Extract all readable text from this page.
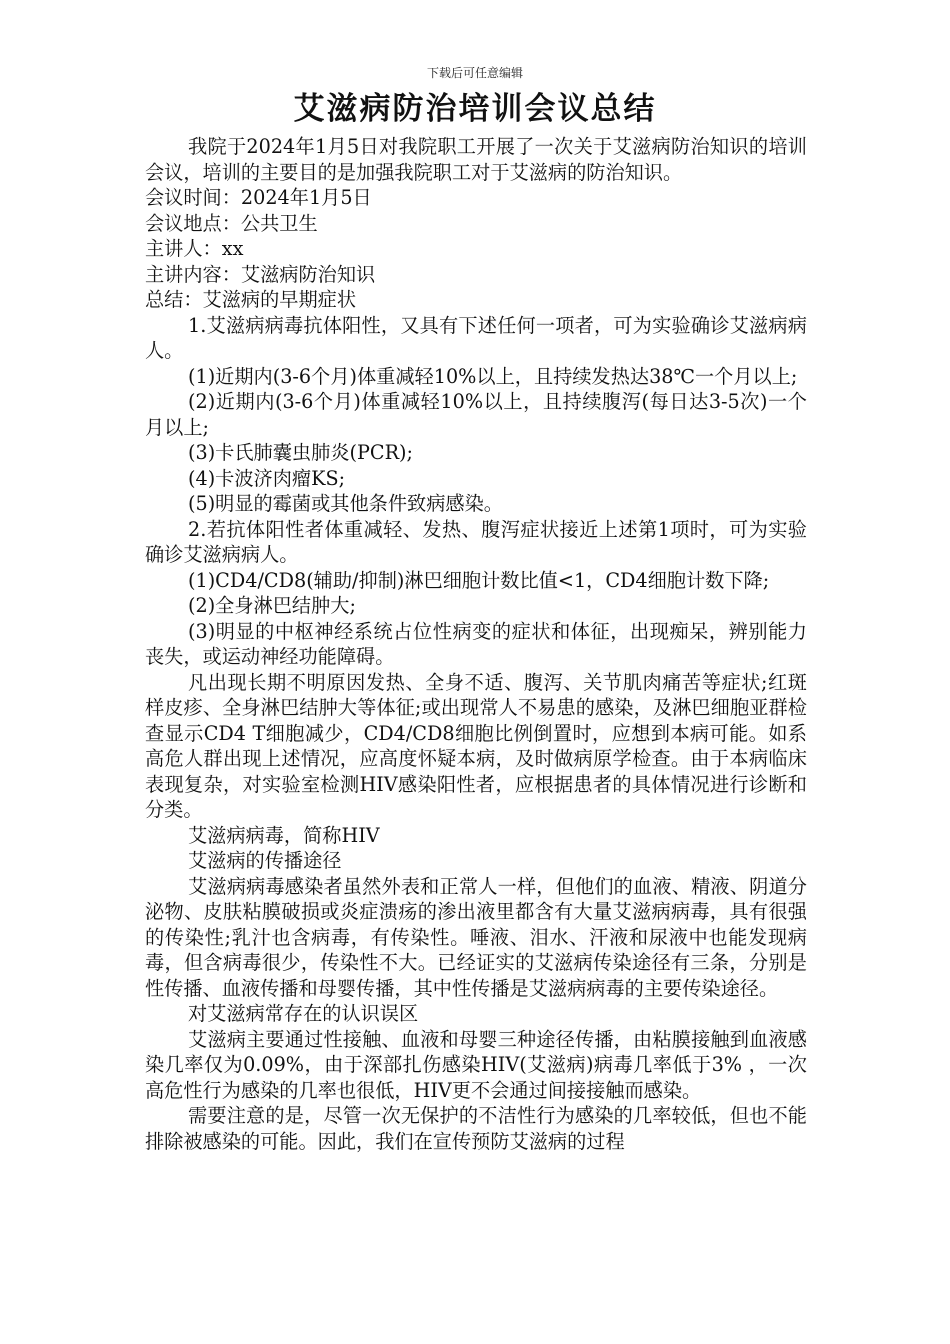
下载后可任意编辑
艾滋病防治培训会议总结

我院于2024年1月5日对我院职工开展了一次关于艾滋病防治知识的培训会议，培训的主要目的是加强我院职工对于艾滋病的防治知识。

会议时间：2024年1月5日

会议地点：公共卫生

主讲人：xx

主讲内容：艾滋病防治知识

总结：艾滋病的早期症状

1.艾滋病病毒抗体阳性，又具有下述任何一项者，可为实验确诊艾滋病病人。

(1)近期内(3-6个月)体重减轻10%以上，且持续发热达38℃一个月以上;

(2)近期内(3-6个月)体重减轻10%以上，且持续腹泻(每日达3-5次)一个月以上;

(3)卡氏肺囊虫肺炎(PCR);

(4)卡波济肉瘤KS;

(5)明显的霉菌或其他条件致病感染。

2.若抗体阳性者体重减轻、发热、腹泻症状接近上述第1项时，可为实验确诊艾滋病病人。

(1)CD4/CD8(辅助/抑制)淋巴细胞计数比值<1，CD4细胞计数下降;

(2)全身淋巴结肿大;

(3)明显的中枢神经系统占位性病变的症状和体征，出现痴呆，辨别能力丧失，或运动神经功能障碍。

凡出现长期不明原因发热、全身不适、腹泻、关节肌肉痛苦等症状;红斑样皮疹、全身淋巴结肿大等体征;或出现常人不易患的感染，及淋巴细胞亚群检查显示CD4 T细胞减少，CD4/CD8细胞比例倒置时，应想到本病可能。如系高危人群出现上述情况，应高度怀疑本病，及时做病原学检查。由于本病临床表现复杂，对实验室检测HIV感染阳性者，应根据患者的具体情况进行诊断和分类。

艾滋病病毒，简称HIV

艾滋病的传播途径

艾滋病病毒感染者虽然外表和正常人一样，但他们的血液、精液、阴道分泌物、皮肤粘膜破损或炎症溃疡的渗出液里都含有大量艾滋病病毒，具有很强的传染性;乳汁也含病毒，有传染性。唾液、泪水、汗液和尿液中也能发现病毒，但含病毒很少，传染性不大。已经证实的艾滋病传染途径有三条，分别是性传播、血液传播和母婴传播，其中性传播是艾滋病病毒的主要传染途径。

对艾滋病常存在的认识误区

艾滋病主要通过性接触、血液和母婴三种途径传播，由粘膜接触到血液感染几率仅为0.09%，由于深部扎伤感染HIV(艾滋病)病毒几率低于3% ，一次高危性行为感染的几率也很低，HIV更不会通过间接接触而感染。

需要注意的是，尽管一次无保护的不洁性行为感染的几率较低，但也不能排除被感染的可能。因此，我们在宣传预防艾滋病的过程
